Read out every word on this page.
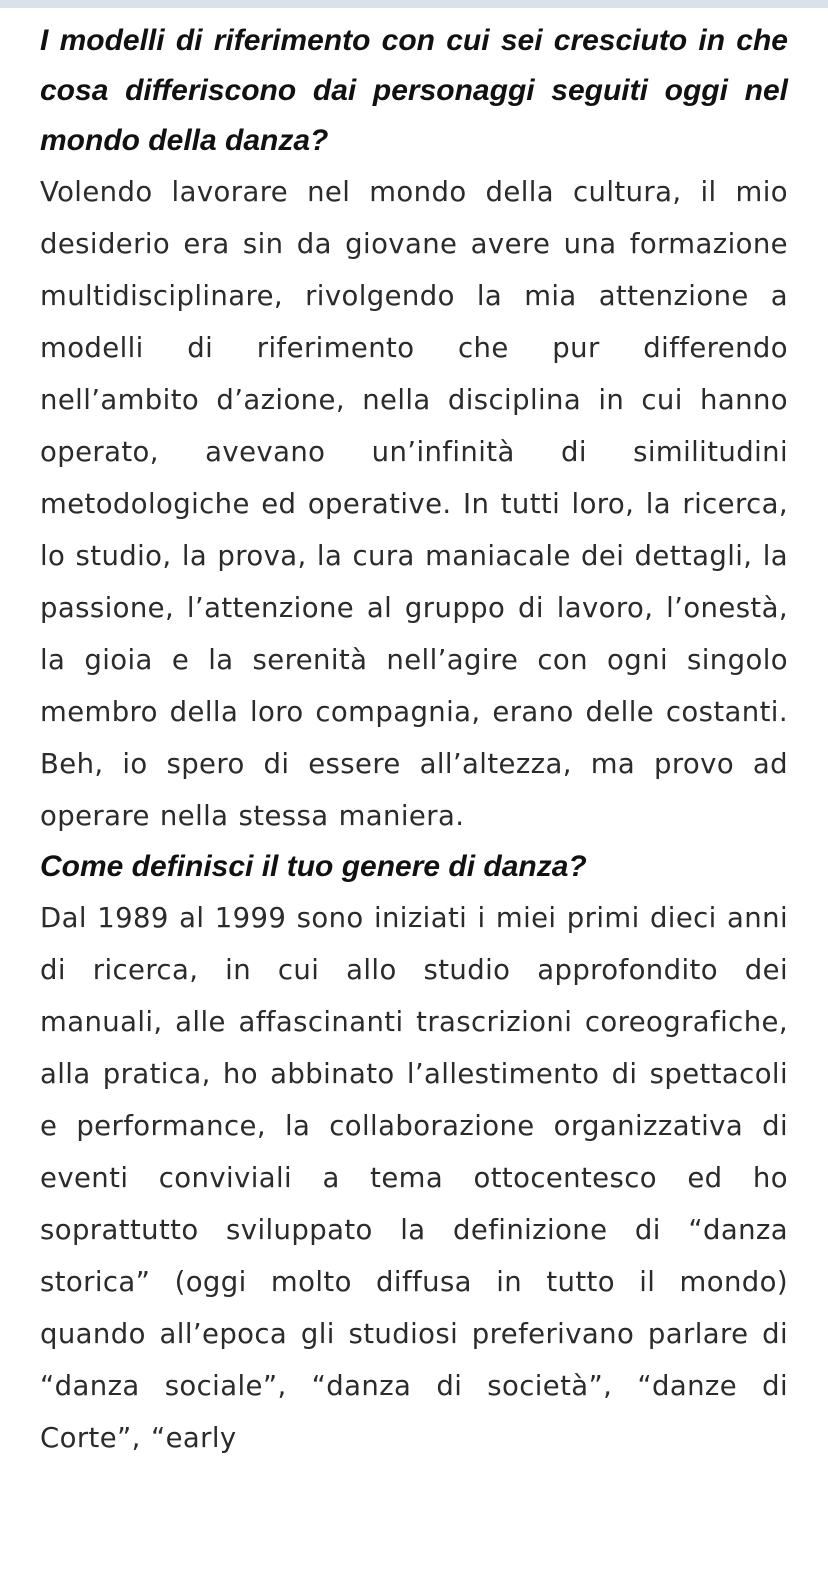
I modelli di riferimento con cui sei cresciuto in che cosa differiscono dai personaggi seguiti oggi nel mondo della danza?

Volendo lavorare nel mondo della cultura, il mio desiderio era sin da giovane avere una formazione multidisciplinare, rivolgendo la mia attenzione a modelli di riferimento che pur differendo nell’ambito d’azione, nella disciplina in cui hanno operato, avevano un’infinità di similitudini metodologiche ed operative. In tutti loro, la ricerca, lo studio, la prova, la cura maniacale dei dettagli, la passione, l’attenzione al gruppo di lavoro, l’onestà, la gioia e la serenità nell’agire con ogni singolo membro della loro compagnia, erano delle costanti. Beh, io spero di essere all’altezza, ma provo ad operare nella stessa maniera.

Come definisci il tuo genere di danza?

Dal 1989 al 1999 sono iniziati i miei primi dieci anni di ricerca, in cui allo studio approfondito dei manuali, alle affascinanti trascrizioni coreografiche, alla pratica, ho abbinato l’allestimento di spettacoli e performance, la collaborazione organizzativa di eventi conviviali a tema ottocentesco ed ho soprattutto sviluppato la definizione di “danza storica” (oggi molto diffusa in tutto il mondo) quando all’epoca gli studiosi preferivano parlare di “danza sociale”, “danza di società”, “danze di Corte”, “early
